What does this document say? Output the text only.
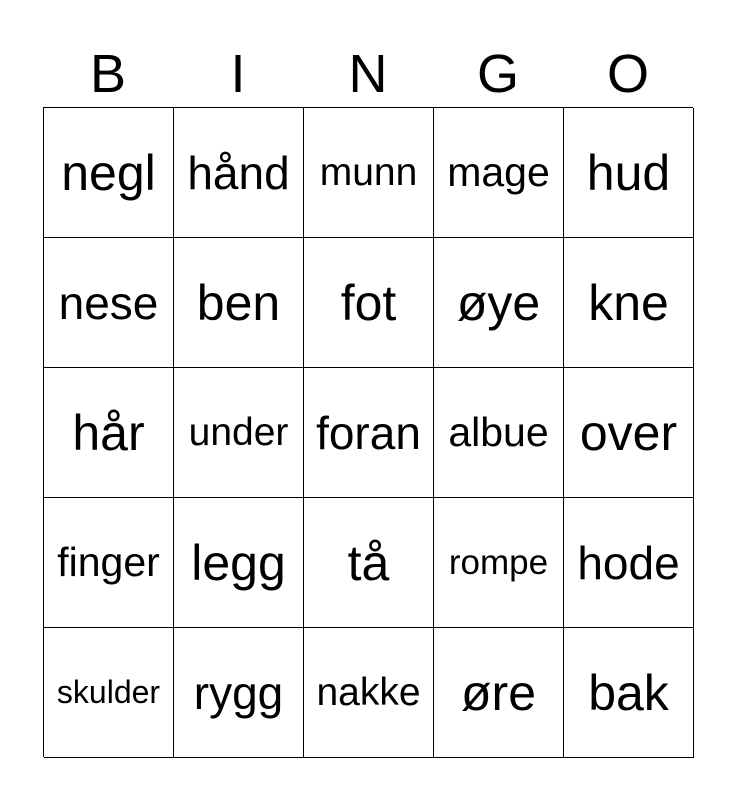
B	I	N	G	O
negl hånd munn mage hud
nese ben fot øye kne
hår under foran albue over
finger legg tå rompe hode
skulder rygg nakke øre bak
